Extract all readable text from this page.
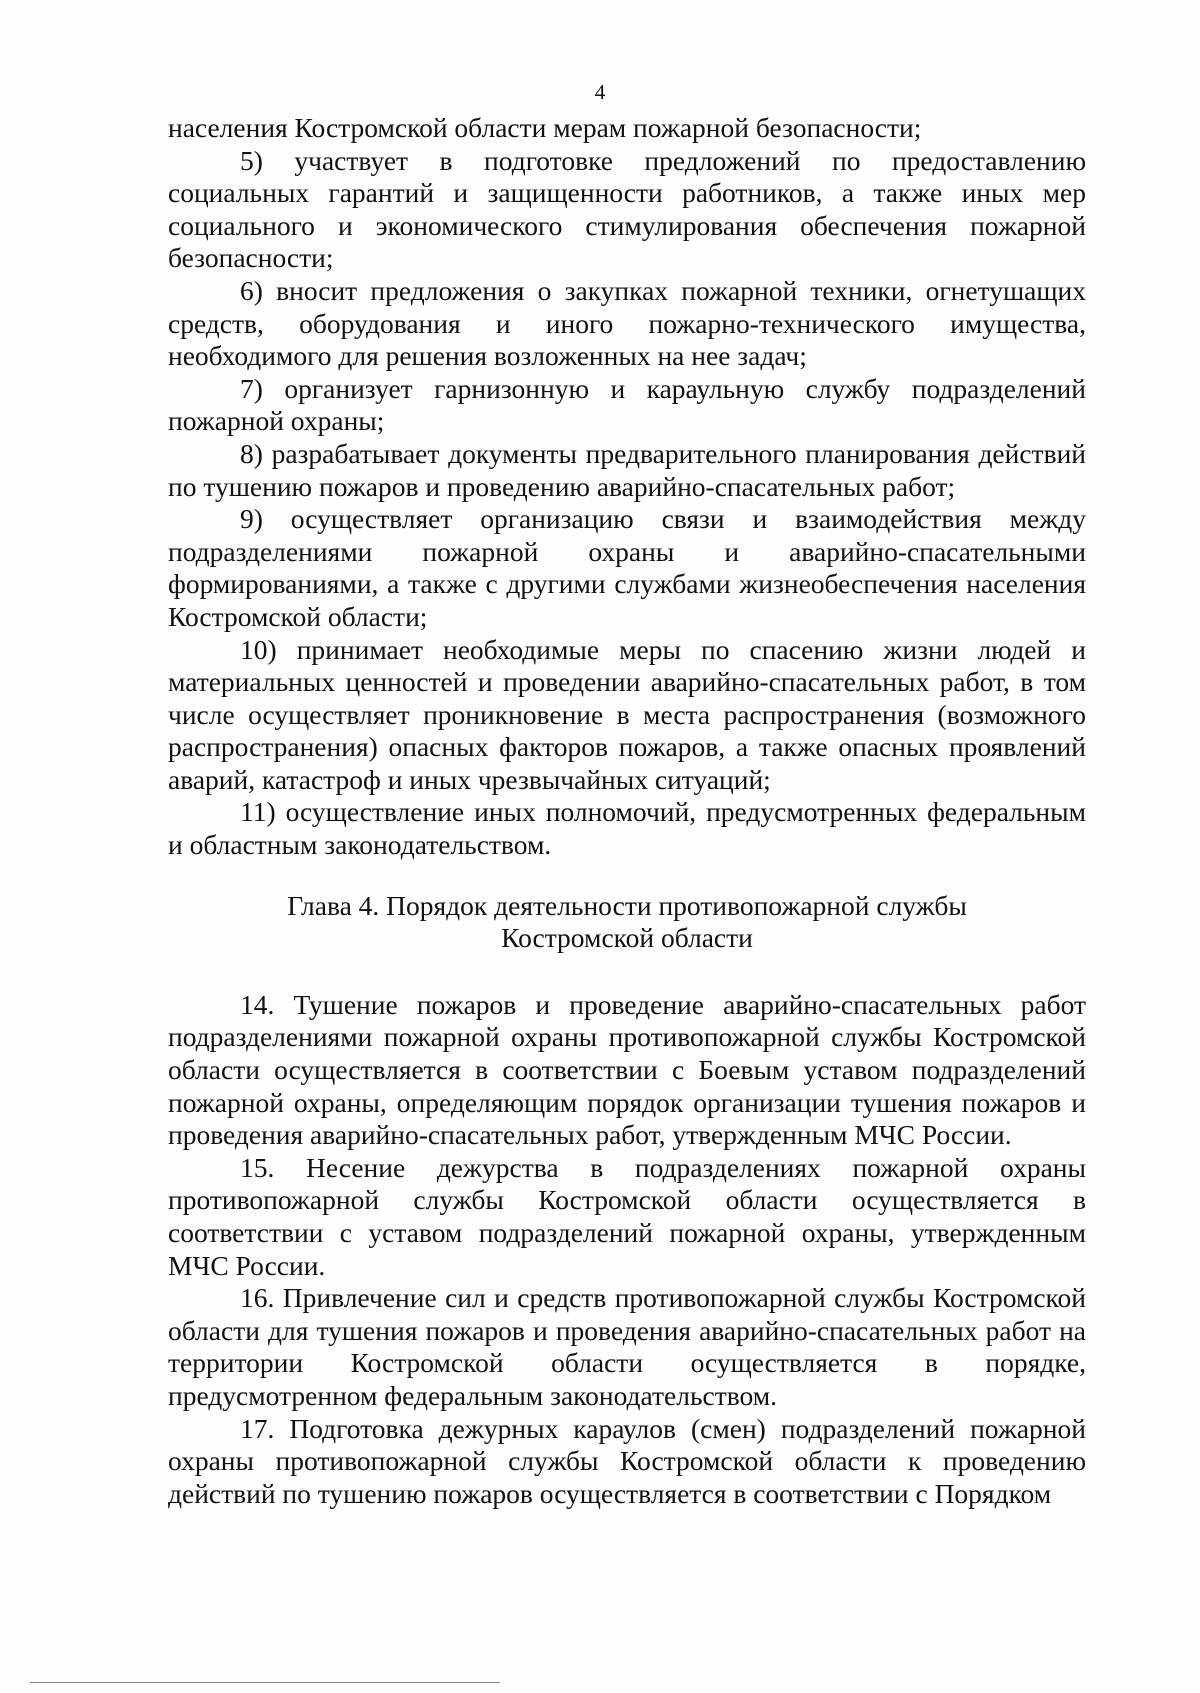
4

населения Костромской области мерам пожарной безопасности;

5) участвует в подготовке предложений по предоставлению социальных гарантий и защищенности работников, а также иных мер социального и экономического стимулирования обеспечения пожарной безопасности;

6) вносит предложения о закупках пожарной техники, огнетушащих средств, оборудования и иного пожарно-технического имущества, необходимого для решения возложенных на нее задач;

7) организует гарнизонную и караульную службу подразделений пожарной охраны;

8) разрабатывает документы предварительного планирования действий по тушению пожаров и проведению аварийно-спасательных работ;

9) осуществляет организацию связи и взаимодействия между подразделениями пожарной охраны и аварийно-спасательными формированиями, а также с другими службами жизнеобеспечения населения Костромской области;

10) принимает необходимые меры по спасению жизни людей и материальных ценностей и проведении аварийно-спасательных работ, в том числе осуществляет проникновение в места распространения (возможного распространения) опасных факторов пожаров, а также опасных проявлений аварий, катастроф и иных чрезвычайных ситуаций;

11) осуществление иных полномочий, предусмотренных федеральным и областным законодательством.

Глава 4. Порядок деятельности противопожарной службы
Костромской области

14. Тушение пожаров и проведение аварийно-спасательных работ подразделениями пожарной охраны противопожарной службы Костромской области осуществляется в соответствии с Боевым уставом подразделений пожарной охраны, определяющим порядок организации тушения пожаров и проведения аварийно-спасательных работ, утвержденным МЧС России.

15. Несение дежурства в подразделениях пожарной охраны противопожарной службы Костромской области осуществляется в соответствии с уставом подразделений пожарной охраны, утвержденным МЧС России.

16. Привлечение сил и средств противопожарной службы Костромской области для тушения пожаров и проведения аварийно-спасательных работ на территории Костромской области осуществляется в порядке, предусмотренном федеральным законодательством.

17. Подготовка дежурных караулов (смен) подразделений пожарной охраны противопожарной службы Костромской области к проведению действий по тушению пожаров осуществляется в соответствии с Порядком
